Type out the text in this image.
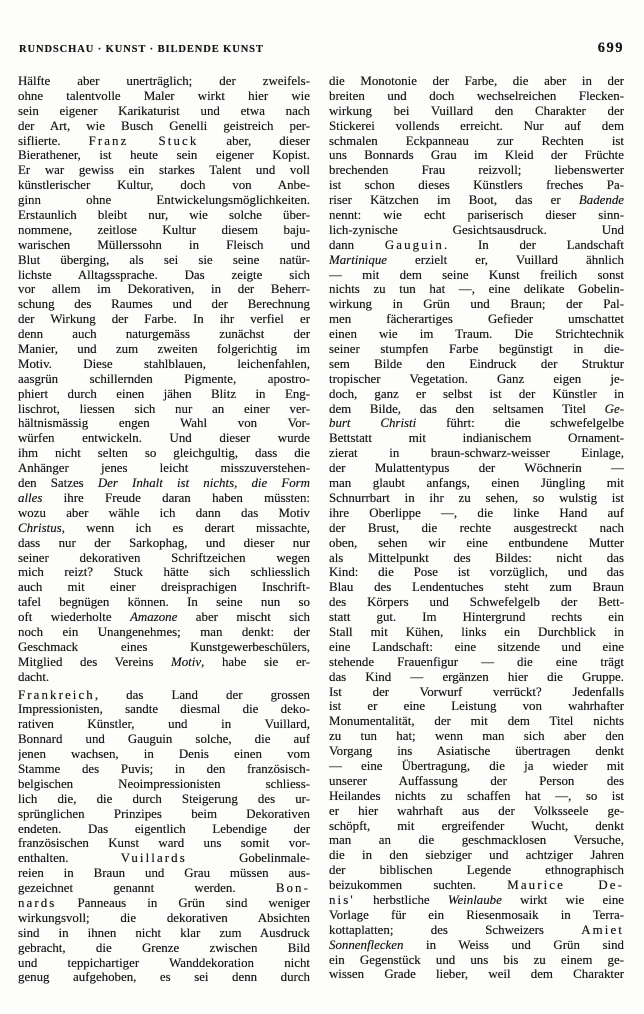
RUNDSCHAU · KUNST · BILDENDE KUNST	699
Hälfte aber unerträglich; der zweifels-
ohne talentvolle Maler wirkt hier wie
sein eigener Karikaturist und etwa nach
der Art, wie Busch Genelli geistreich per-
siflierte. Franz Stuck aber, dieser
Bierathener, ist heute sein eigener Kopist.
Er war gewiss ein starkes Talent und voll
künstlerischer Kultur, doch von Anbe-
ginn ohne Entwickelungsmöglichkeiten.
Erstaunlich bleibt nur, wie solche über-
nommene, zeitlose Kultur diesem baju-
warischen Müllerssohn in Fleisch und
Blut überging, als sei sie seine natür-
lichste Alltagssprache. Das zeigte sich
vor allem im Dekorativen, in der Beherr-
schung des Raumes und der Berechnung
der Wirkung der Farbe. In ihr verfiel er
denn auch naturgemäss zunächst der
Manier, und zum zweiten folgerichtig im
Motiv. Diese stahlblauen, leichenfahlen,
aasgrün schillernden Pigmente, apostro-
phiert durch einen jähen Blitz in Eng-
lischrot, liessen sich nur an einer ver-
hältnismässig engen Wahl von Vor-
würfen entwickeln. Und dieser wurde
ihm nicht selten so gleichgultig, dass die
Anhänger jenes leicht misszuverstehen-
den Satzes Der Inhalt ist nichts, die Form
alles ihre Freude daran haben müssten:
wozu aber wähle ich dann das Motiv
Christus, wenn ich es derart missachte,
dass nur der Sarkophag, und dieser nur
seiner dekorativen Schriftzeichen wegen
mich reizt? Stuck hätte sich schliesslich
auch mit einer dreisprachigen Inschrift-
tafel begnügen können. In seine nun so
oft wiederholte Amazone aber mischt sich
noch ein Unangenehmes; man denkt: der
Geschmack eines Kunstgewerbeschülers,
Mitglied des Vereins Motiv, habe sie er-
dacht.
Frankreich, das Land der grossen
Impressionisten, sandte diesmal die deko-
rativen Künstler, und in Vuillard,
Bonnard und Gauguin solche, die auf
jenen wachsen, in Denis einen vom
Stamme des Puvis; in den französisch-
belgischen Neoimpressionisten schliess-
lich die, die durch Steigerung des ur-
sprünglichen Prinzipes beim Dekorativen
endeten. Das eigentlich Lebendige der
französischen Kunst ward uns somit vor-
enthalten. Vuillards Gobelinmale-
reien in Braun und Grau müssen aus-
gezeichnet genannt werden. Bon-
nards Panneaus in Grün sind weniger
wirkungsvoll; die dekorativen Absichten
sind in ihnen nicht klar zum Ausdruck
gebracht, die Grenze zwischen Bild
und teppichartiger Wanddekoration nicht
genug aufgehoben, es sei denn durch
die Monotonie der Farbe, die aber in der
breiten und doch wechselreichen Flecken-
wirkung bei Vuillard den Charakter der
Stickerei vollends erreicht. Nur auf dem
schmalen Eckpanneau zur Rechten ist
uns Bonnards Grau im Kleid der Früchte
brechenden Frau reizvoll; liebenswerter
ist schon dieses Künstlers freches Pa-
riser Kätzchen im Boot, das er Badende
nennt: wie echt pariserisch dieser sinn-
lich-zynische Gesichtsausdruck. Und
dann Gauguin. In der Landschaft
Martinique erzielt er, Vuillard ähnlich
— mit dem seine Kunst freilich sonst
nichts zu tun hat —, eine delikate Gobelin-
wirkung in Grün und Braun; der Pal-
men fächerartiges Gefieder umschattet
einen wie im Traum. Die Strichtechnik
seiner stumpfen Farbe begünstigt in die-
sem Bilde den Eindruck der Struktur
tropischer Vegetation. Ganz eigen je-
doch, ganz er selbst ist der Künstler in
dem Bilde, das den seltsamen Titel Ge-
burt Christi führt: die schwefelgelbe
Bettstatt mit indianischem Ornament-
zierat in braun-schwarz-weisser Einlage,
der Mulattentypus der Wöchnerin —
man glaubt anfangs, einen Jüngling mit
Schnurrbart in ihr zu sehen, so wulstig ist
ihre Oberlippe —, die linke Hand auf
der Brust, die rechte ausgestreckt nach
oben, sehen wir eine entbundene Mutter
als Mittelpunkt des Bildes: nicht das
Kind: die Pose ist vorzüglich, und das
Blau des Lendentuches steht zum Braun
des Körpers und Schwefelgelb der Bett-
statt gut. Im Hintergrund rechts ein
Stall mit Kühen, links ein Durchblick in
eine Landschaft: eine sitzende und eine
stehende Frauenfigur — die eine trägt
das Kind — ergänzen hier die Gruppe.
Ist der Vorwurf verrückt? Jedenfalls
ist er eine Leistung von wahrhafter
Monumentalität, der mit dem Titel nichts
zu tun hat; wenn man sich aber den
Vorgang ins Asiatische übertragen denkt
— eine Übertragung, die ja wieder mit
unserer Auffassung der Person des
Heilandes nichts zu schaffen hat —, so ist
er hier wahrhaft aus der Volksseele ge-
schöpft, mit ergreifender Wucht, denkt
man an die geschmacklosen Versuche,
die in den siebziger und achtziger Jahren
der biblischen Legende ethnographisch
beizukommen suchten. Maurice De-
nis' herbstliche Weinlaube wirkt wie eine
Vorlage für ein Riesenmosaik in Terra-
kottaplatten; des Schweizers Amiet
Sonnenflecken in Weiss und Grün sind
ein Gegenstück und uns bis zu einem ge-
wissen Grade lieber, weil dem Charakter
